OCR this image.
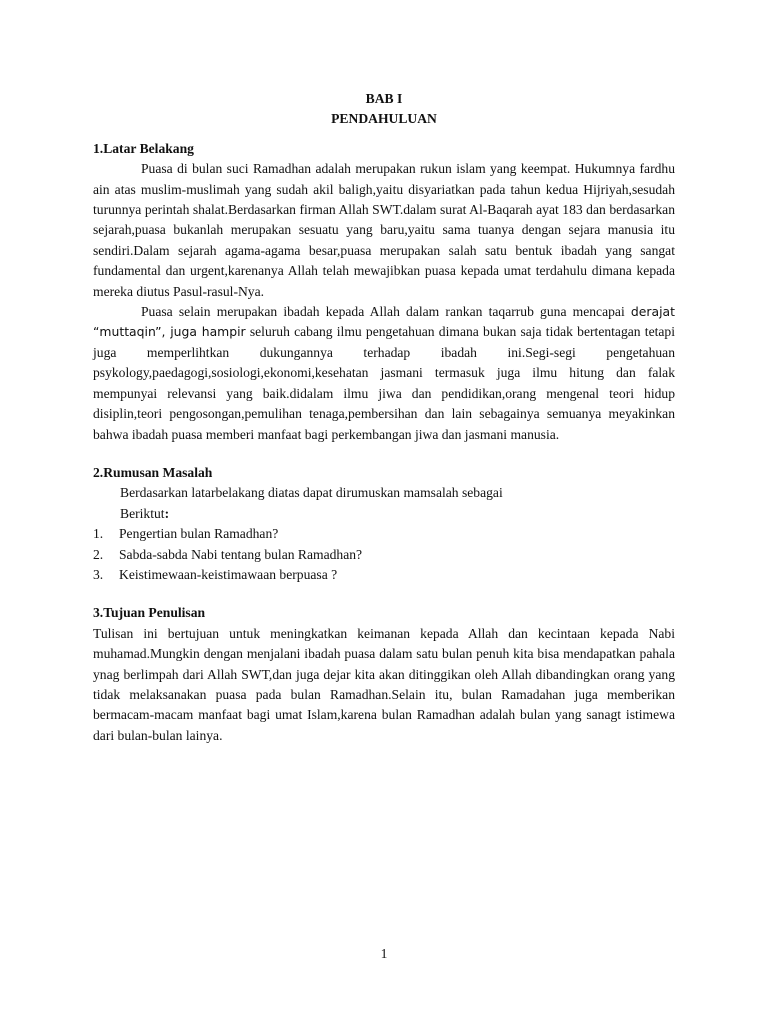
BAB I

PENDAHULUAN

1.Latar Belakang

Puasa di bulan suci Ramadhan adalah merupakan rukun islam yang keempat. Hukumnya fardhu ain atas muslim-muslimah yang sudah akil baligh,yaitu disyariatkan pada tahun kedua Hijriyah,sesudah turunnya perintah shalat.Berdasarkan firman Allah SWT.dalam surat Al-Baqarah ayat 183 dan berdasarkan sejarah,puasa bukanlah merupakan sesuatu yang baru,yaitu sama tuanya dengan sejara manusia itu sendiri.Dalam sejarah agama-agama besar,puasa merupakan salah satu bentuk ibadah yang sangat fundamental dan urgent,karenanya Allah telah mewajibkan puasa kepada umat terdahulu dimana kepada mereka diutus Pasul-rasul-Nya.

Puasa selain merupakan ibadah kepada Allah dalam rankan taqarrub guna mencapai derajat “muttaqin”, juga hampir seluruh cabang ilmu pengetahuan dimana bukan saja tidak bertentagan tetapi juga memperlihtkan dukungannya terhadap ibadah ini.Segi-segi pengetahuan psykology,paedagogi,sosiologi,ekonomi,kesehatan jasmani termasuk juga ilmu hitung dan falak mempunyai relevansi yang baik.didalam ilmu jiwa dan pendidikan,orang mengenal teori hidup disiplin,teori pengosongan,pemulihan tenaga,pembersihan dan lain sebagainya semuanya meyakinkan bahwa ibadah puasa memberi manfaat bagi perkembangan jiwa dan jasmani manusia.

2.Rumusan Masalah

Berdasarkan latarbelakang diatas dapat dirumuskan mamsalah sebagai

Beriktut:

1.	Pengertian bulan Ramadhan?
2.	Sabda-sabda Nabi tentang bulan Ramadhan?
3.	Keistimewaan-keistimawaan berpuasa ?

3.Tujuan Penulisan

Tulisan ini bertujuan untuk meningkatkan keimanan kepada Allah dan kecintaan kepada Nabi muhamad.Mungkin dengan menjalani ibadah puasa dalam satu bulan penuh kita bisa mendapatkan pahala ynag berlimpah dari Allah SWT,dan juga dejar kita akan ditinggikan oleh Allah dibandingkan orang yang tidak melaksanakan puasa pada bulan Ramadhan.Selain itu, bulan Ramadahan juga memberikan bermacam-macam manfaat bagi umat Islam,karena bulan Ramadhan adalah bulan yang sanagt istimewa dari bulan-bulan lainya.

1
